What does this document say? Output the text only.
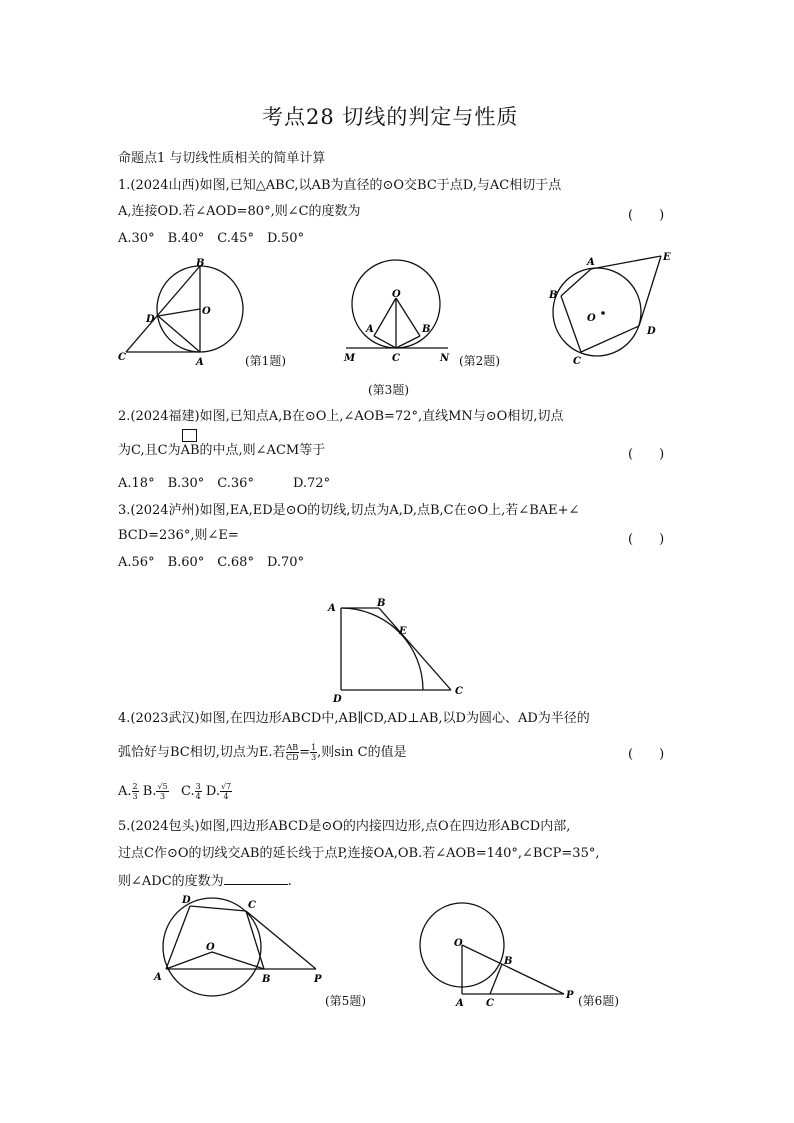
考点28 切线的判定与性质
命题点1 与切线性质相关的简单计算
1.(2024山西)如图,已知△ABC,以AB为直径的⊙O交BC于点D,与AC相切于点
A,连接OD.若∠AOD=80°,则∠C的度数为	(　　)
A.30°　B.40°　C.45°　D.50°
B
D
O
C	A	(第1题)
O
A	B
M	C	N (第2题)
A	E
B
O
D
C
(第3题)
2.(2024福建)如图,已知点A,B在⊙O上,∠AOB=72°,直线MN与⊙O相切,切点
为C,且C为
AB的中点,则∠ACM等于	(　　)
A.18°　B.30°　C.36°　　　D.72°
3.(2024泸州)如图,EA,ED是⊙O的切线,切点为A,D,点B,C在⊙O上,若∠BAE+∠
BCD=236°,则∠E=	(　　)
A.56°　B.60°　C.68°　D.70°
A	B
E
D
C
4.(2023武汉)如图,在四边形ABCD中,AB∥CD,AD⊥AB,以D为圆心、AD为半径的
弧恰好与BC相切,切点为E.若 $\frac{AB}{CD} = \frac{1}{3}$ ,则sin C的值是	(　　)
A. $\frac{2}{3} B$. $\frac{√5}{3} C$. $\frac{3}{4} D$. $\frac{√7}{4}$
5.(2024包头)如图,四边形ABCD是⊙O的内接四边形,点O在四边形ABCD内部,
过点C作⊙O的切线交AB的延长线于点P,连接OA,OB.若∠AOB=140°,∠BCP=35°,
则∠ADC的度数为	.
D	C
O
A	B	P
(第5题)
O
B
A C
P (第6题)
